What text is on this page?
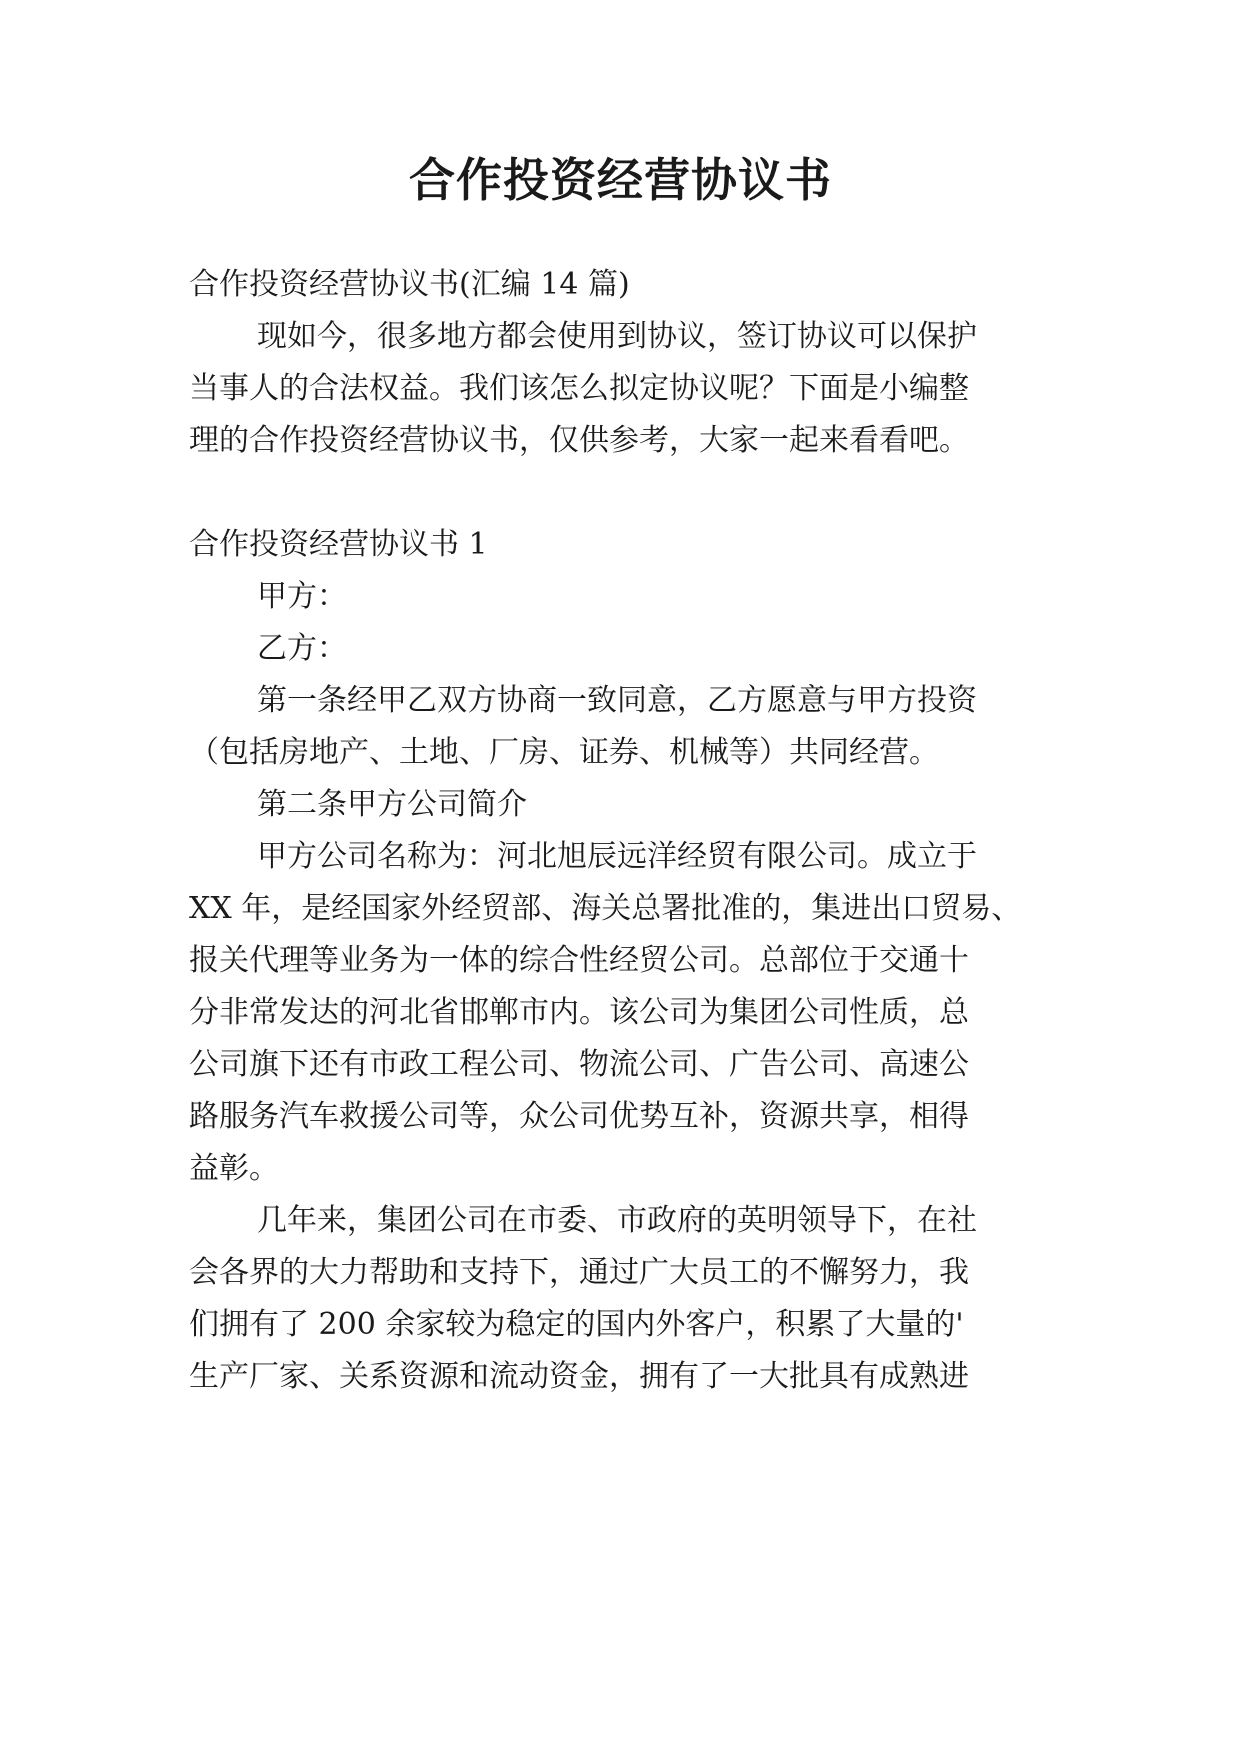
合作投资经营协议书
合作投资经营协议书(汇编 14 篇)
现如今，很多地方都会使用到协议，签订协议可以保护
当事人的合法权益。我们该怎么拟定协议呢？下面是小编整
理的合作投资经营协议书，仅供参考，大家一起来看看吧。
合作投资经营协议书 1
甲方：
乙方：
第一条经甲乙双方协商一致同意，乙方愿意与甲方投资
（包括房地产、土地、厂房、证券、机械等）共同经营。
第二条甲方公司简介
甲方公司名称为：河北旭辰远洋经贸有限公司。成立于
XX 年，是经国家外经贸部、海关总署批准的，集进出口贸易、
报关代理等业务为一体的综合性经贸公司。总部位于交通十
分非常发达的河北省邯郸市内。该公司为集团公司性质，总
公司旗下还有市政工程公司、物流公司、广告公司、高速公
路服务汽车救援公司等，众公司优势互补，资源共享，相得
益彰。
几年来，集团公司在市委、市政府的英明领导下，在社
会各界的大力帮助和支持下，通过广大员工的不懈努力，我
们拥有了 200 余家较为稳定的国内外客户，积累了大量的'
生产厂家、关系资源和流动资金，拥有了一大批具有成熟进
